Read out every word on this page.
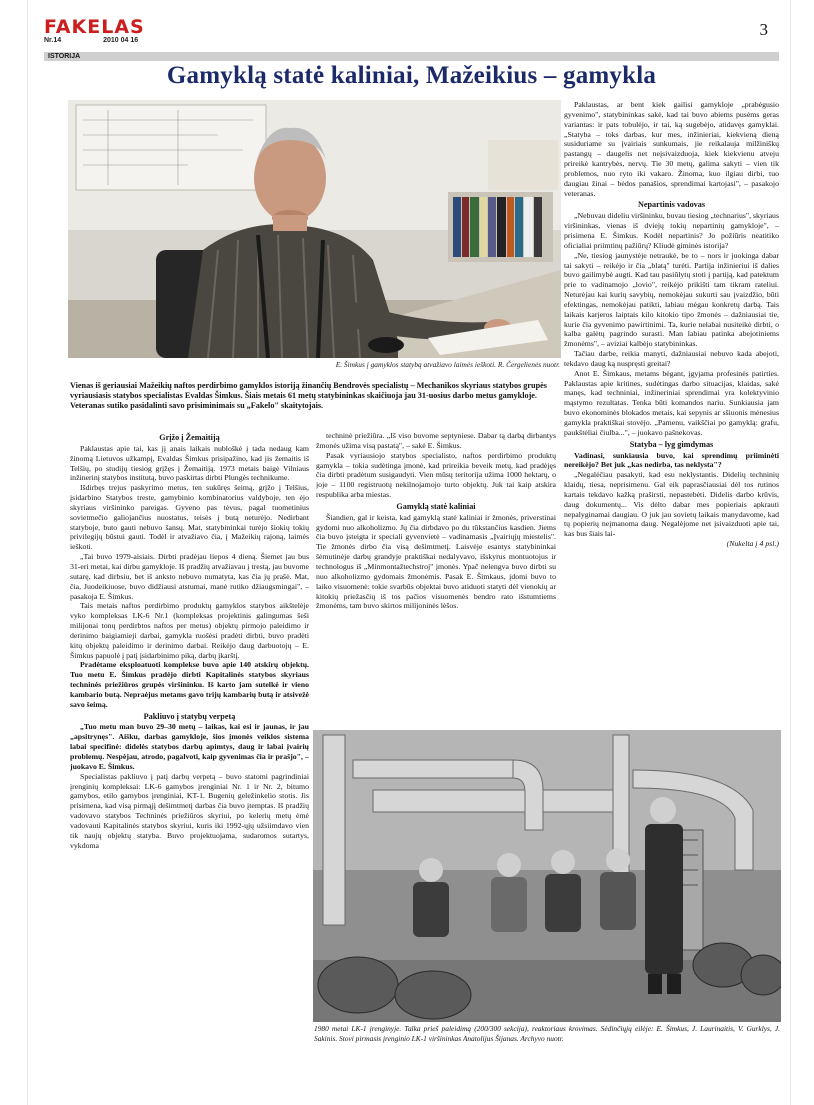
FAKELAS
Nr.14	2010 04 16
3
ISTORIJA
Gamyklą statė kaliniai, Mažeikius – gamykla
E. Šimkus į gamyklos statybą atvažiavo laimės ieškoti. R. Čergelienės nuotr.
Vienas iš geriausiai Mažeikių naftos perdirbimo gamyklos istoriją žinančių Bendrovės specialistų – Mechanikos skyriaus statybos grupės vyriausiasis statybos specialistas Evaldas Šimkus. Šiais metais 61 metų statybininkas skaičiuoja jau 31-uosius darbo metus gamykloje. Veteranas sutiko pasidalinti savo prisiminimais su „Fakelo" skaitytojais.
Grįžo į Žemaitiją

Paklaustas apie tai, kas jį anais laikais nubloškė į tada nedaug kam žinomą Lietuvos užkampį, Evaldas Šimkus prisipažino, kad jis žemaitis iš Telšių, po studijų tiesiog grįžęs į Žemaitiją. 1973 metais baigė Vilniaus inžinerinį statybos institutą, buvo paskirtas dirbti Plungės technikume.

Išdirbęs trejus paskyrimo metus, ten sukūręs šeimą, grįžo į Telšius, įsidarbino Statybos treste, gamybinio kombinatorius valdyboje, ten ėjo skyriaus viršininko pareigas. Gyveno pas tėvus, pagal tuometinius sovietmečio galiojančius nuostatus, teisės į butą neturėjo. Nedirbant statyboje, buto gauti nebuvo šansų. Mat, statybininkai turėjo šiokių tokių privilegijų būstui gauti. Todėl ir atvažiavo čia, į Mažeikių rajoną, laimės ieškoti.

„Tai buvo 1979-aisiais. Dirbti pradėjau liepos 4 dieną. Šiemet jau bus 31-eri metai, kai dirbu gamykloje. Iš pradžių atvažiavau į trestą, jau buvome sutarę, kad dirbsiu, bet iš anksto nebuvo numatyta, kas čia jų prašė. Mat, čia, Juodeikiuose, buvo didžiausi atstumai, manė rutiko džiaugsmingai", – pasakoja E. Šimkus.

Tais metais naftos perdirbimo produktų gamyklos statybos aikštelėje vyko kompleksas LK-6 Nr.1 (kompleksas projektinis galingumas šeši milijonai tonų perdirbtos naftos per metus) objektų pirmojo paleidimo ir derinimo baigiamieji darbai, gamykla ruošėsi pradėti dirbti, buvo pradėti kitų objektų paleidimo ir derinimo darbai. Reikėjo daug darbuotojų – E. Šimkus papuolė į patį įsidarbinimo piką, darbų įkarštį.

Pradėtame eksploatuoti komplekse buvo apie 140 atskirų objektų. Tuo metu E. Šimkus pradėjo dirbti Kapitalinės statybos skyriaus techninės priežiūros grupės viršininku. Iš karto jam sutelkė ir vieno kambario butą. Nepraėjus metams gavo trijų kambarių butą ir atsivežė savo šeimą.

Pakliuvo į statybų verpetą

„Tuo metu man buvo 29–30 metų – laikas, kai esi ir jaunas, ir jau „apsitrynęs". Aišku, darbas gamykloje, šios įmonės veiklos sistema labai specifinė: didelės statybos darbų apimtys, daug ir labai įvairių problemų. Nespėjau, atrodo, pagalvoti, kaip gyvenimas čia ir prašjo", – juokavo E. Šimkus.

Specialistas pakliuvo į patį darbų verpetą – buvo statomi pagrindiniai įrenginių kompleksai: LK-6 gamybos įrenginiai Nr. 1 ir Nr. 2, bitumo gamybos, etilo gamybos įrenginiai, KT-1. Bugenių geležinkelio stotis. Jis prisimena, kad visą pirmąjį dešimtmetį darbas čia buvo įtemptas. Iš pradžių vadovavo statybos Techninės priežiūros skyriui, po kelerių metų ėmė vadovauti Kapitalinės statybos skyriui, kuris iki 1992-ųjų užsiimdavo vien tik naujų objektų statyba. Buvo projektuojama, sudaromos sutartys, vykdoma

techninė priežiūra. „Iš viso buvome septyniese. Dabar tą darbą dirbantys žmonės užima visą pastatą", – sakė E. Šimkus.

Pasak vyriausiojo statybos specialisto, naftos perdirbimo produktų gamykla – tokia sudėtinga įmonė, kad prireikia beveik metų, kad pradėjęs čia dirbti pradėtum susigaudyti. Vien mūsų teritorija užima 1000 hektarų, o joje – 1100 registruotų nekilnojamojo turto objektų. Juk tai kaip atskira respublika arba miestas.

Gamyklą statė kaliniai

Šiandien, gal ir keista, kad gamyklą statė kaliniai ir žmonės, priverstinai gydomi nuo alkoholizmo. Jų čia dirbdavo po du tūkstančius kasdien. Jiems čia buvo įsteigta ir speciali gyvenvietė – vadinamasis „Įvairiųjų miestelis". Tie žmonės dirbo čia visą dešimtmetį. Laisvėje esantys statybininkai šėmutinėje darbų grandyje praktiškai nedalyvavo, išskyrus montuotojus ir technologus iš „Minmontažtechstroj" įmonės. Ypač nelengva buvo dirbti su nuo alkoholizmo gydomais žmonėmis. Pasak E. Šimkaus, įdomi buvo to laiko visuomenė: tokie svarbūs objektai buvo atiduoti statyti dėl vienokių ar kitokių priežasčių iš tos pačios visuomenės bendro rato išstumtiems žmonėms, tam buvo skirtos milijoninės lėšos.

Paklaustas, ar bent kiek gailisi gamykloje „prabėgusio gyvenimo", statybininkas sakė, kad tai buvo abiems pusėms geras variantas: ir pats tobulėjo, ir tai, ką sugebėjo, atidavęs gamyklai. „Statyba – toks darbas, kur mes, inžinieriai, kiekvieną dieną susiduriame su įvairiais sunkumais, jie reikalauja milžiniškų pastangų – daugelis net neįsivaizduoja, kiek kiekvienu atveju prireikė kantrybės, nervų. Tie 30 metų, galima sakyti – vien tik problemos, nuo ryto iki vakaro. Žinoma, kuo ilgiau dirbi, tuo daugiau žinai – bėdos panašios, sprendimai kartojasi", – pasakojo veteranas.

Nepartinis vadovas

„Nebuvau dideliu viršininku, buvau tiesiog „technarius", skyriaus viršininkas, vienas iš dviejų tokių nepartinių gamykloje", – prisimena E. Šimkus. Kodėl nepartinis? Jo požiūris neatitiko oficialiai priimtinų pažiūrų? Kliudė giminės istorija?

„Ne, tiesiog jaunystėje netraukė, be to – nors ir juokinga dabar tai sakyti – reikėjo ir čia „blatą" turėti. Partija inžinieriui iš dalies buvo gailimybė augti. Kad tau pasiūlytų stoti į partiją, kad patektum prie to vadinamojo „lovio", reikėjo prikišti tam tikram rateliui. Neturėjau kai kurių savybių, nemokėjau sukurti sau įvaizdžio, būti efektingas, nemokėjau patikti, labiau mėgau konkretų darbą. Tais laikais karjeros laiptais kilo kitokio tipo žmonės – dažniausiai tie, kurie čia gyvenimo pawirtinimi. Ta, kurie nelabai nusiteikė dirbti, o kalba galėtų pagrindo surasti. Man labiau patinka abejotiniems žmonėms", – aviziai kalbėjo statybininkas.

Tačiau darbe, reikia manyti, dažniausiai nebuvo kada abejoti, tekdavo daug ką nuspręsti greitai?

Anot E. Šimkaus, metams bėgant, įgyjama profesinės patirties. Paklaustas apie kritines, sudėtingas darbo situacijas, klaidas, sakė manęs, kad techniniai, inžineriniai sprendimai yra kolektyvinio mąstymo rezultatas. Tenka būti komandos nariu. Sunkiausia jam buvo ekonominės blokados metais, kai sepynis ar sšiuonis mėnesius gamykla praktiškai stovėjo. „Pamenu, vaikščiai po gamyklą: grafu, paukštėliai čiulba...", – juokavo pašnekovas.

Statyba – lyg gimdymas

Vadinasi, sunkiausia buvo, kai sprendimų priiminėti nereikėjo? Bet juk „kas nedirba, tas neklysta"?

„Negalėčiau pasakyti, kad esu neklystantis. Didelių techninių klaidų, tiesa, neprisimenu. Gal eik paprasčiausiai dėl tos rutinos kartais tekdavo kažką praširsti, nepastebėti. Didelis darbo krūvis, daug dokumentų... Vis dėlto dabar mes popieriais apkrauti nepalyginamai daugiau. O juk jau sovietų laikais manydavome, kad tų popierių neįmanoma daug. Negalėjome net įsivaizduoti apie tai, kas bus šiais lai-

(Nukelta į 4 psl.)
1980 metai LK-1 įrenginyje. Talka prieš paleidimą (200/300 sekcija), reaktoriaus krovimas. Sėdinčiųjų eilėje: E. Šimkus, J. Laurinaitis, V. Gurklys, J. Sakinis. Stovi pirmasis įrenginio LK-1 viršininkas Anatolijus Šijanas. Archyvo nuotr.
